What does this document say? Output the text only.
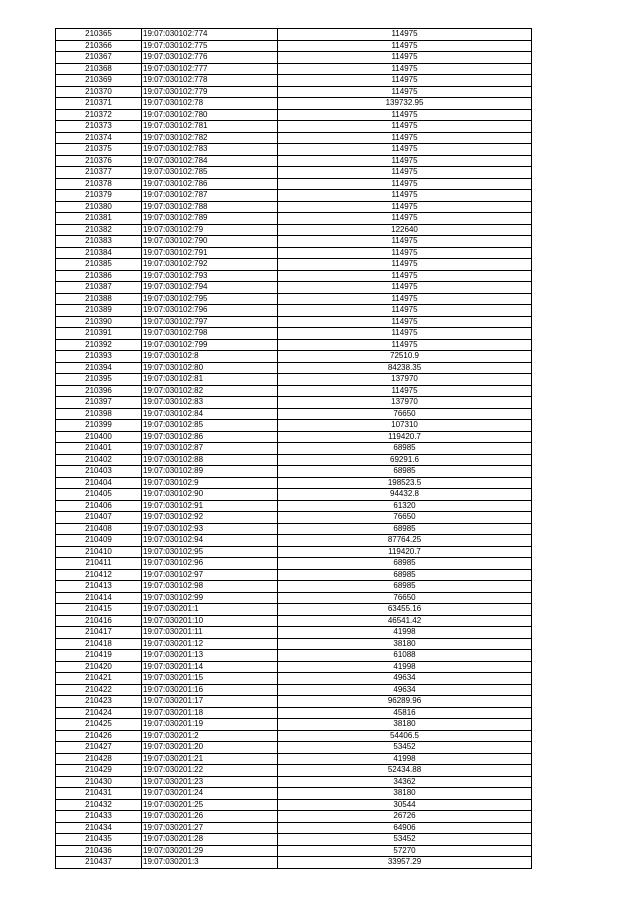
210365	19:07:030102:774	114975
210366	19:07:030102:775	114975
210367	19:07:030102:776	114975
210368	19:07:030102:777	114975
210369	19:07:030102:778	114975
210370	19:07:030102:779	114975
210371	19:07:030102:78	139732.95
210372	19:07:030102:780	114975
210373	19:07:030102:781	114975
210374	19:07:030102:782	114975
210375	19:07:030102:783	114975
210376	19:07:030102:784	114975
210377	19:07:030102:785	114975
210378	19:07:030102:786	114975
210379	19:07:030102:787	114975
210380	19:07:030102:788	114975
210381	19:07:030102:789	114975
210382	19:07:030102:79	122640
210383	19:07:030102:790	114975
210384	19:07:030102:791	114975
210385	19:07:030102:792	114975
210386	19:07:030102:793	114975
210387	19:07:030102:794	114975
210388	19:07:030102:795	114975
210389	19:07:030102:796	114975
210390	19:07:030102:797	114975
210391	19:07:030102:798	114975
210392	19:07:030102:799	114975
210393	19:07:030102:8	72510.9
210394	19:07:030102:80	84238.35
210395	19:07:030102:81	137970
210396	19:07:030102:82	114975
210397	19:07:030102:83	137970
210398	19:07:030102:84	76650
210399	19:07:030102:85	107310
210400	19:07:030102:86	119420.7
210401	19:07:030102:87	68985
210402	19:07:030102:88	69291.6
210403	19:07:030102:89	68985
210404	19:07:030102:9	198523.5
210405	19:07:030102:90	94432.8
210406	19:07:030102:91	61320
210407	19:07:030102:92	76650
210408	19:07:030102:93	68985
210409	19:07:030102:94	87764.25
210410	19:07:030102:95	119420.7
210411	19:07:030102:96	68985
210412	19:07:030102:97	68985
210413	19:07:030102:98	68985
210414	19:07:030102:99	76650
210415	19:07:030201:1	63455.16
210416	19:07:030201:10	46541.42
210417	19:07:030201:11	41998
210418	19:07:030201:12	38180
210419	19:07:030201:13	61088
210420	19:07:030201:14	41998
210421	19:07:030201:15	49634
210422	19:07:030201:16	49634
210423	19:07:030201:17	96289.96
210424	19:07:030201:18	45816
210425	19:07:030201:19	38180
210426	19:07:030201:2	54406.5
210427	19:07:030201:20	53452
210428	19:07:030201:21	41998
210429	19:07:030201:22	52434.88
210430	19:07:030201:23	34362
210431	19:07:030201:24	38180
210432	19:07:030201:25	30544
210433	19:07:030201:26	26726
210434	19:07:030201:27	64906
210435	19:07:030201:28	53452
210436	19:07:030201:29	57270
210437	19:07:030201:3	33957.29
